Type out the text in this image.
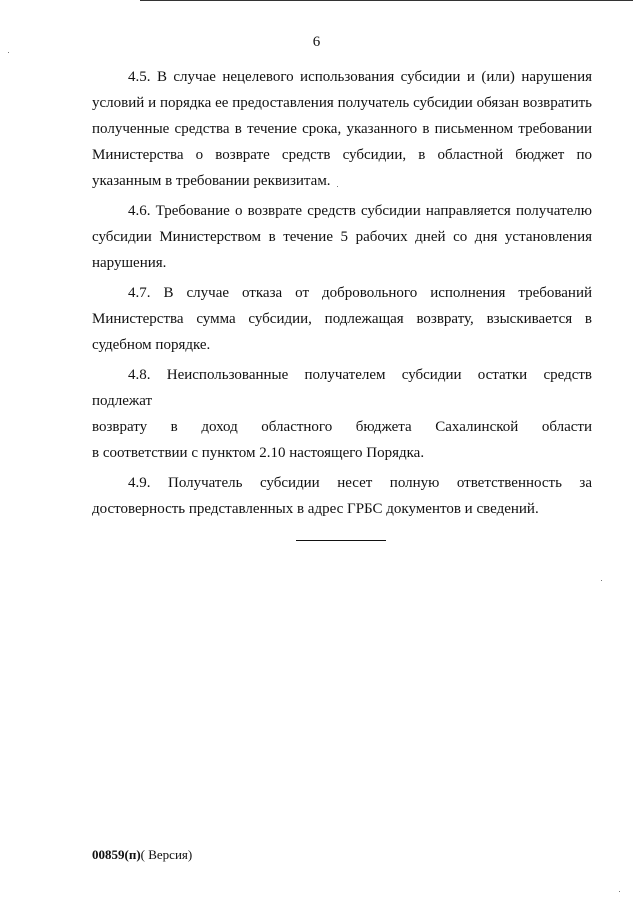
6

4.5. В случае нецелевого использования субсидии и (или) нарушения условий и порядка ее предоставления получатель субсидии обязан возвратить полученные средства в течение срока, указанного в письменном требовании Министерства о возврате средств субсидии, в областной бюджет по указанным в требовании реквизитам.

4.6. Требование о возврате средств субсидии направляется получателю субсидии Министерством в течение 5 рабочих дней со дня установления нарушения.

4.7. В случае отказа от добровольного исполнения требований Министерства сумма субсидии, подлежащая возврату, взыскивается в судебном порядке.

4.8. Неиспользованные получателем субсидии остатки средств подлежат
возврату в доход областного бюджета Сахалинской области
в соответствии с пунктом 2.10 настоящего Порядка.

4.9. Получатель субсидии несет полную ответственность за
достоверность представленных в адрес ГРБС документов и сведений.

00859(п)( Версия)
